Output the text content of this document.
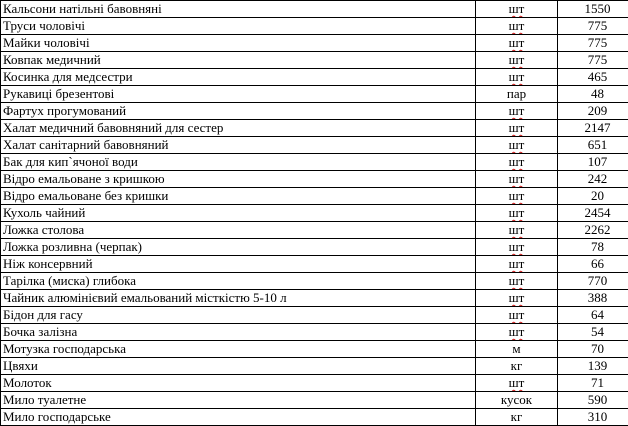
Кальсони натільні бавовняні	шт	1550
Труси чоловічі	шт	775
Майки чоловічі	шт	775
Ковпак медичний	шт	775
Косинка для медсестри	шт	465
Рукавиці брезентові	пар	48
Фартух прогумований	шт	209
Халат медичний бавовняний для сестер	шт	2147
Халат санітарний бавовняний	шт	651
Бак для кип`ячоної води	шт	107
Відро емальоване з кришкою	шт	242
Відро емальоване без кришки	шт	20
Кухоль чайний	шт	2454
Ложка столова	шт	2262
Ложка розливна (черпак)	шт	78
Ніж консервний	шт	66
Тарілка (миска) глибока	шт	770
Чайник алюмінієвий емальований місткістю 5-10 л	шт	388
Бідон для гасу	шт	64
Бочка залізна	шт	54
Мотузка господарська	м	70
Цвяхи	кг	139
Молоток	шт	71
Мило туалетне	кусок	590
Мило господарське	кг	310
